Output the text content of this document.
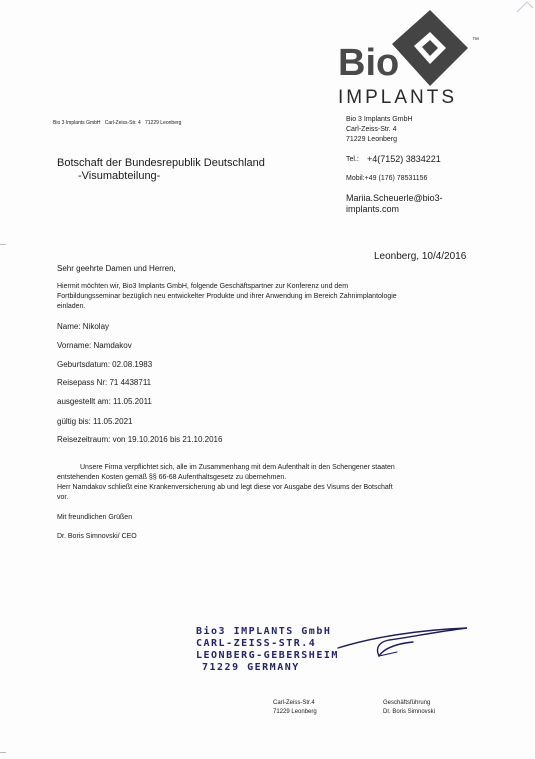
Bio
IMPLANTS
™
Bio 3 Implants GmbH Carl-Zeiss-Str. 4 71229 Leonberg	Bio 3 Implants GmbH
Carl-Zeiss-Str. 4
71229 Leonberg
Tel.: +4(7152) 3834221
Mobil:+49 (176) 78531156
Mariia.Scheuerle@bio3-
implants.com
Botschaft der Bundesrepublik Deutschland
-Visumabteilung-
Leonberg, 10/4/2016
Sehr geehrte Damen und Herren,
Hiermit möchten wir, Bio3 Implants GmbH, folgende Geschäftspartner zur Konferenz und dem
Fortbildungsseminar bezüglich neu entwickelter Produkte und ihrer Anwendung im Bereich Zahnimplantologie
einladen.
Name: Nikolay
Vorname: Namdakov
Geburtsdatum: 02.08.1983
Reisepass Nr: 71 4438711
ausgestellt am: 11.05.2011
gültig bis: 11.05.2021
Reisezeitraum: von 19.10.2016 bis 21.10.2016
Unsere Firma verpflichtet sich, alle im Zusammenhang mit dem Aufenthalt in den Schengener staaten
entstehenden Kosten gemäß §§ 66-68 Aufenthaltsgesetz zu übernehmen.
Herr Namdakov schließt eine Krankenversicherung ab und legt diese vor Ausgabe des Visums der Botschaft
vor.
Mit freundlichen Grüßen
Dr. Boris Simnovski/ CEO
Bio3 IMPLANTS GmbH
CARL-ZEISS-STR.4
LEONBERG-GEBERSHEIM
71229 GERMANY
Carl-Zeiss-Str.4
71229 Leonberg
Geschäftsführung
Dr. Boris Simnovski
